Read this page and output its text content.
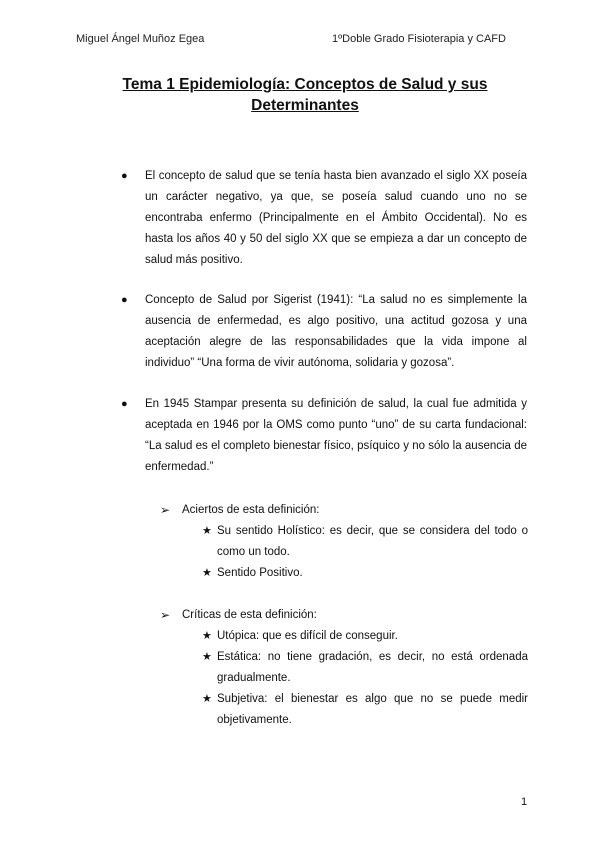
Miguel Ángel Muñoz Egea	1ºDoble Grado Fisioterapia y CAFD
Tema 1 Epidemiología: Conceptos de Salud y sus Determinantes
● El concepto de salud que se tenía hasta bien avanzado el siglo XX poseía un carácter negativo, ya que, se poseía salud cuando uno no se encontraba enfermo (Principalmente en el Ámbito Occidental). No es hasta los años 40 y 50 del siglo XX que se empieza a dar un concepto de salud más positivo.
● Concepto de Salud por Sigerist (1941): “La salud no es simplemente la ausencia de enfermedad, es algo positivo, una actitud gozosa y una aceptación alegre de las responsabilidades que la vida impone al individuo” “Una forma de vivir autónoma, solidaria y gozosa”.
● En 1945 Stampar presenta su definición de salud, la cual fue admitida y aceptada en 1946 por la OMS como punto “uno” de su carta fundacional: “La salud es el completo bienestar físico, psíquico y no sólo la ausencia de enfermedad.”
➢ Aciertos de esta definición:
★ Su sentido Holístico: es decir, que se considera del todo o como un todo.
★ Sentido Positivo.
➢ Críticas de esta definición:
★ Utópica: que es difícil de conseguir.
★ Estática: no tiene gradación, es decir, no está ordenada gradualmente.
★ Subjetiva: el bienestar es algo que no se puede medir objetivamente.
1
